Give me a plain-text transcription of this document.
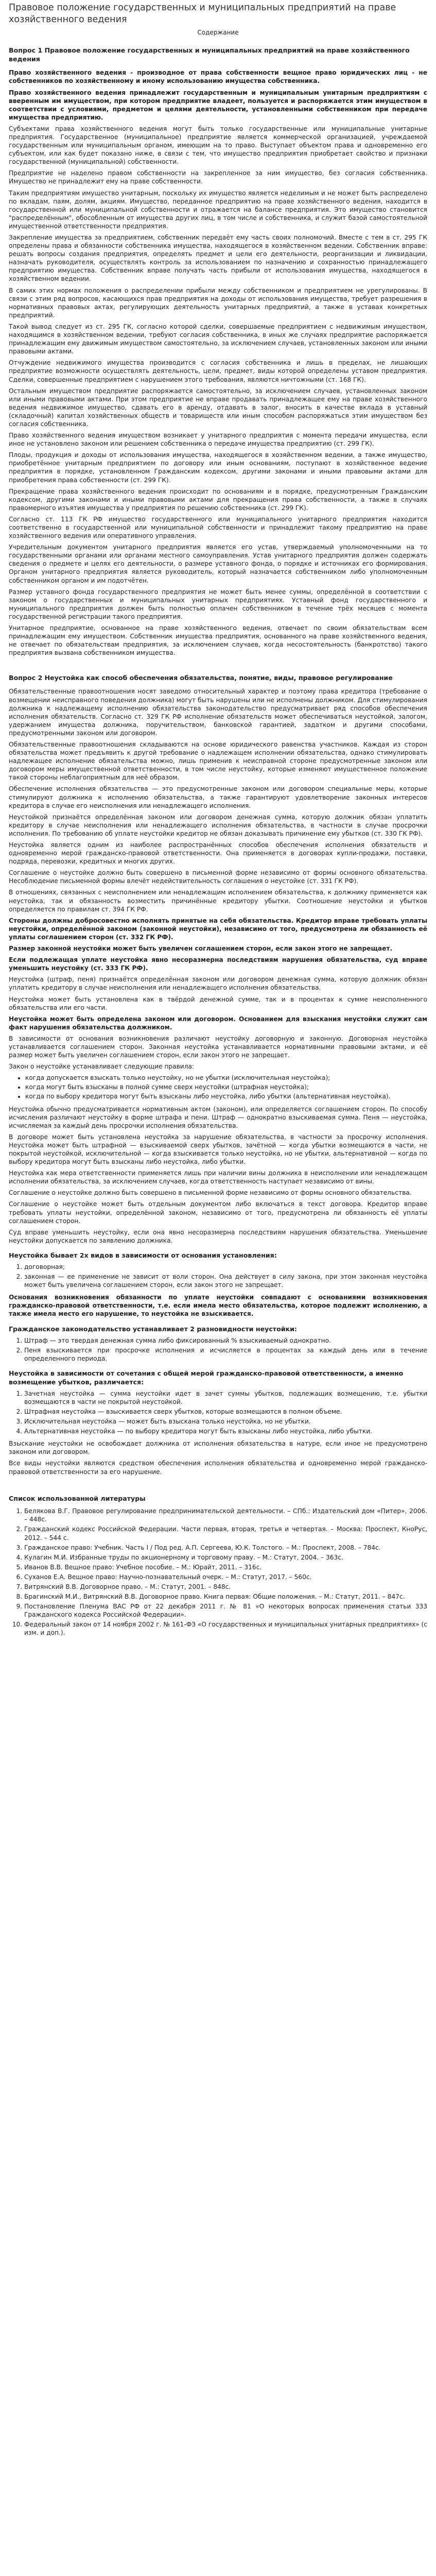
Правовое положение государственных и муниципальных предприятий на праве хозяйственного ведения
Содержание
Вопрос 1 Правовое положение государственных и муниципальных предприятий на праве хозяйственного ведения

Право хозяйственного ведения - производное от права собственности вещное право юридических лиц - не собственников по хозяйственному и иному использованию имущества собственника.

Право хозяйственного ведения принадлежит государственным и муниципальным унитарным предприятиям с вверенным им имуществом, при котором предприятие владеет, пользуется и распоряжается этим имуществом в соответствии с условиями, предметом и целями деятельности, установленными собственником при передаче имущества предприятию.

Субъектами права хозяйственного ведения могут быть только государственные или муниципальные унитарные предприятия. Государственное (муниципальное) предприятие является коммерческой организацией, учреждаемой государственным или муниципальным органом, имеющим на то право. Выступает объектом права и одновременно его субъектом, или как будет показано ниже, в связи с тем, что имущество предприятия приобретает свойство и признаки государственной (муниципальной) собственности.

Предприятие не наделено правом собственности на закрепленное за ним имущество, без согласия собственника. Имущество не принадлежит ему на праве собственности.

Таким предприятиям имущество унитарным, поскольку их имущество является неделимым и не может быть распределено по вкладам, паям, долям, акциям. Имущество, переданное предприятию на праве хозяйственного ведения, находится в государственной или муниципальной собственности и отражается на балансе предприятия. Это имущество становится "распределённым", обособленным от имущества других лиц, в том числе и собственника, и служит базой самостоятельной имущественной ответственности предприятия.

Закрепление имущества за предприятием, собственник передаёт ему часть своих полномочий. Вместе с тем в ст. 295 ГК определены права и обязанности собственника имущества, находящегося в хозяйственном ведении. Собственник вправе: решать вопросы создания предприятия, определять предмет и цели его деятельности, реорганизации и ликвидации, назначать руководителя, осуществлять контроль за использованием по назначению и сохранностью принадлежащего предприятию имущества. Собственник вправе получать часть прибыли от использования имущества, находящегося в хозяйственном ведении.

В самих этих нормах положения о распределении прибыли между собственником и предприятием не урегулированы. В связи с этим ряд вопросов, касающихся прав предприятия на доходы от использования имущества, требует разрешения в нормативных правовых актах, регулирующих деятельность унитарных предприятий, а также в уставах конкретных предприятий.

Такой вывод следует из ст. 295 ГК, согласно которой сделки, совершаемые предприятием с недвижимым имуществом, находящимся в хозяйственном ведении, требуют согласия собственника, в иных же случаях предприятие распоряжается принадлежащим ему движимым имуществом самостоятельно, за исключением случаев, установленных законом или иными правовыми актами.

Отчуждение недвижимого имущества производится с согласия собственника и лишь в пределах, не лишающих предприятие возможности осуществлять деятельность, цели, предмет, виды которой определены уставом предприятия. Сделки, совершенные предприятием с нарушением этого требования, являются ничтожными (ст. 168 ГК).

Остальным имуществом предприятие распоряжается самостоятельно, за исключением случаев, установленных законом или иными правовыми актами. При этом предприятие не вправе продавать принадлежащее ему на праве хозяйственного ведения недвижимое имущество, сдавать его в аренду, отдавать в залог, вносить в качестве вклада в уставный (складочный) капитал хозяйственных обществ и товариществ или иным способом распоряжаться этим имуществом без согласия собственника.

Право хозяйственного ведения имуществом возникает у унитарного предприятия с момента передачи имущества, если иное не установлено законом или решением собственника о передаче имущества предприятию (ст. 299 ГК).

Плоды, продукция и доходы от использования имущества, находящегося в хозяйственном ведении, а также имущество, приобретённое унитарным предприятием по договору или иным основаниям, поступают в хозяйственное ведение предприятия в порядке, установленном Гражданским кодексом, другими законами и иными правовыми актами для приобретения права собственности (ст. 299 ГК).

Прекращение права хозяйственного ведения происходит по основаниям и в порядке, предусмотренным Гражданским кодексом, другими законами и иными правовыми актами для прекращения права собственности, а также в случаях правомерного изъятия имущества у предприятия по решению собственника (ст. 299 ГК).

Согласно ст. 113 ГК РФ имущество государственного или муниципального унитарного предприятия находится соответственно в государственной или муниципальной собственности и принадлежит такому предприятию на праве хозяйственного ведения или оперативного управления.

Учредительным документом унитарного предприятия является его устав, утверждаемый уполномоченными на то государственными органами или органами местного самоуправления. Устав унитарного предприятия должен содержать сведения о предмете и целях его деятельности, о размере уставного фонда, о порядке и источниках его формирования. Органом унитарного предприятия является руководитель, который назначается собственником либо уполномоченным собственником органом и им подотчётен.

Размер уставного фонда государственного предприятия не может быть менее суммы, определённой в соответствии с законом о государственных и муниципальных унитарных предприятиях. Уставный фонд государственного и муниципального предприятия должен быть полностью оплачен собственником в течение трёх месяцев с момента государственной регистрации такого предприятия.

Унитарное предприятие, основанное на праве хозяйственного ведения, отвечает по своим обязательствам всем принадлежащим ему имуществом. Собственник имущества предприятия, основанного на праве хозяйственного ведения, не отвечает по обязательствам предприятия, за исключением случаев, когда несостоятельность (банкротство) такого предприятия вызвана собственником имущества.

Вопрос 2 Неустойка как способ обеспечения обязательства, понятие, виды, правовое регулирование

Обязательственные правоотношения носят заведомо относительный характер и поэтому права кредитора (требование о возмещении неисправного поведения должника) могут быть нарушены или не исполнены должником. Для стимулирования должника к надлежащему исполнению обязательства законодательство предусматривает ряд способов обеспечения исполнения обязательств. Согласно ст. 329 ГК РФ исполнение обязательств может обеспечиваться неустойкой, залогом, удержанием имущества должника, поручительством, банковской гарантией, задатком и другими способами, предусмотренными законом или договором.

Обязательственные правоотношения складываются на основе юридического равенства участников. Каждая из сторон обязательства может предъявить к другой требование о надлежащем исполнении обязательства, однако стимулировать надлежащее исполнение обязательства можно, лишь применив к неисправной стороне предусмотренные законом или договором меры имущественной ответственности, в том числе неустойку, которые изменяют имущественное положение такой стороны неблагоприятным для неё образом.

Обеспечение исполнения обязательства — это предусмотренные законом или договором специальные меры, которые стимулируют должника к исполнению обязательства, а также гарантируют удовлетворение законных интересов кредитора в случае его неисполнения или ненадлежащего исполнения.

Неустойкой признаётся определённая законом или договором денежная сумма, которую должник обязан уплатить кредитору в случае неисполнения или ненадлежащего исполнения обязательства, в частности в случае просрочки исполнения. По требованию об уплате неустойки кредитор не обязан доказывать причинение ему убытков (ст. 330 ГК РФ).

Неустойка является одним из наиболее распространённых способов обеспечения исполнения обязательств и одновременно мерой гражданско-правовой ответственности. Она применяется в договорах купли-продажи, поставки, подряда, перевозки, кредитных и многих других.

Соглашение о неустойке должно быть совершено в письменной форме независимо от формы основного обязательства. Несоблюдение письменной формы влечёт недействительность соглашения о неустойке (ст. 331 ГК РФ).

В отношениях, связанных с неисполнением или ненадлежащим исполнением обязательства, к должнику применяется как неустойка, так и обязанность возместить причинённые кредитору убытки. Соотношение неустойки и убытков определяется по правилам ст. 394 ГК РФ.

Стороны должны добросовестно исполнять принятые на себя обязательства. Кредитор вправе требовать уплаты неустойки, определённой законом (законной неустойки), независимо от того, предусмотрена ли обязанность её уплаты соглашением сторон (ст. 332 ГК РФ).

Размер законной неустойки может быть увеличен соглашением сторон, если закон этого не запрещает.

Если подлежащая уплате неустойка явно несоразмерна последствиям нарушения обязательства, суд вправе уменьшить неустойку (ст. 333 ГК РФ).

Неустойка (штраф, пеня) признаётся определённая законом или договором денежная сумма, которую должник обязан уплатить кредитору в случае неисполнения или ненадлежащего исполнения обязательства.

Неустойка может быть установлена как в твёрдой денежной сумме, так и в процентах к сумме неисполненного обязательства или его части.

Неустойка может быть определена законом или договором. Основанием для взыскания неустойки служит сам факт нарушения обязательства должником.

В зависимости от основания возникновения различают неустойку договорную и законную. Договорная неустойка устанавливается соглашением сторон. Законная неустойка устанавливается нормативными правовыми актами, и её размер может быть увеличен соглашением сторон, если закон этого не запрещает.

Закон о неустойке устанавливает следующие правила:

• когда допускается взыскать только неустойку, но не убытки (исключительная неустойка);
• когда могут быть взысканы в полной сумме сверх неустойки (штрафная неустойка);
• когда по выбору кредитора могут быть взысканы либо неустойка, либо убытки (альтернативная неустойка).

Неустойка обычно предусматривается нормативным актом (законом), или определяется соглашением сторон. По способу исчисления различают неустойку в форме штрафа и пени. Штраф — однократно взыскиваемая сумма. Пеня — неустойка, исчисляемая за каждый день просрочки исполнения обязательства.

В договоре может быть установлена неустойка за нарушение обязательства, в частности за просрочку исполнения. Неустойка может быть штрафной — взыскиваемой сверх убытков, зачётной — когда убытки возмещаются в части, не покрытой неустойкой, исключительной — когда взыскивается только неустойка, но не убытки, альтернативной — когда по выбору кредитора могут быть взысканы либо неустойка, либо убытки.

Неустойка как мера ответственности применяется лишь при наличии вины должника в неисполнении или ненадлежащем исполнении обязательства, за исключением случаев, когда ответственность наступает независимо от вины.

Соглашение о неустойке должно быть совершено в письменной форме независимо от формы основного обязательства.

Соглашение о неустойке может быть отдельным документом либо включаться в текст договора. Кредитор вправе требовать уплаты неустойки, определённой законом, независимо от того, предусмотрена ли обязанность её уплаты соглашением сторон.

Суд вправе уменьшить неустойку, если она явно несоразмерна последствиям нарушения обязательства. Уменьшение неустойки допускается по заявлению должника.

Неустойка бывает 2х видов в зависимости от основания установления:
1. договорная;
2. законная — ее применение не зависит от воли сторон. Она действует в силу закона, при этом законная неустойка может быть увеличена соглашением сторон, если закон этого не запрещает.

Основания возникновения обязанности по уплате неустойки совпадают с основаниями возникновения гражданско-правовой ответственности, т.е. если имела место обязательства, которое подлежит исполнению, а также имела место его нарушение, то неустойка не взыскивается.

Гражданское законодательство устанавливает 2 разновидности неустойки:
1. Штраф — это твердая денежная сумма либо фиксированный % взыскиваемый однократно.
2. Пеня взыскивается при просрочке исполнения и исчисляется в процентах за каждый день или в течение определенного периода.
Неустойка в зависимости от сочетания с общей мерой гражданско-правовой ответственности, а именно возмещение убытков, различается:
1. Зачетная неустойка — сумма неустойки идет в зачет суммы убытков, подлежащих возмещению, т.е. убытки возмещаются в части не покрытой неустойкой.
2. Штрафная неустойка — взыскивается сверх убытков, которые возмещаются в полном объеме.
3. Исключительная неустойка — может быть взыскана только неустойка, но не убытки.
4. Альтернативная неустойка — по выбору кредитора могут быть взысканы либо неустойка, либо убытки.

Взыскание неустойки не освобождает должника от исполнения обязательства в натуре, если иное не предусмотрено законом или договором.

Все виды неустойки являются средством обеспечения исполнения обязательства и одновременно мерой гражданско-правовой ответственности за его нарушение.

Список использованной литературы
1. Белякова В.Г. Правовое регулирование предпринимательской деятельности. – СПб.: Издательский дом «Питер», 2006. – 448с.
2. Гражданский кодекс Российской Федерации. Части первая, вторая, третья и четвертая. – Москва: Проспект, КноРус, 2012. – 544 с.
3. Гражданское право: Учебник. Часть I / Под ред. А.П. Сергеева, Ю.К. Толстого. – М.: Проспект, 2008. – 784с.
4. Кулагин М.И. Избранные труды по акционерному и торговому праву. – М.: Статут, 2004. – 363с.
5. Иванов В.В. Вещное право: Учебное пособие. – М.: Юрайт, 2011. – 316с.
6. Суханов Е.А. Вещное право: Научно-познавательный очерк. – М.: Статут, 2017. – 560с.
7. Витрянский В.В. Договорное право. – М.: Статут, 2001. – 848с.
8. Брагинский М.И., Витрянский В.В. Договорное право. Книга первая: Общие положения. – М.: Статут, 2011. – 847с.
9. Постановление Пленума ВАС РФ от 22 декабря 2011 г. № 81 «О некоторых вопросах применения статьи 333 Гражданского кодекса Российской Федерации».
10. Федеральный закон от 14 ноября 2002 г. № 161-ФЗ «О государственных и муниципальных унитарных предприятиях» (с изм. и доп.).
